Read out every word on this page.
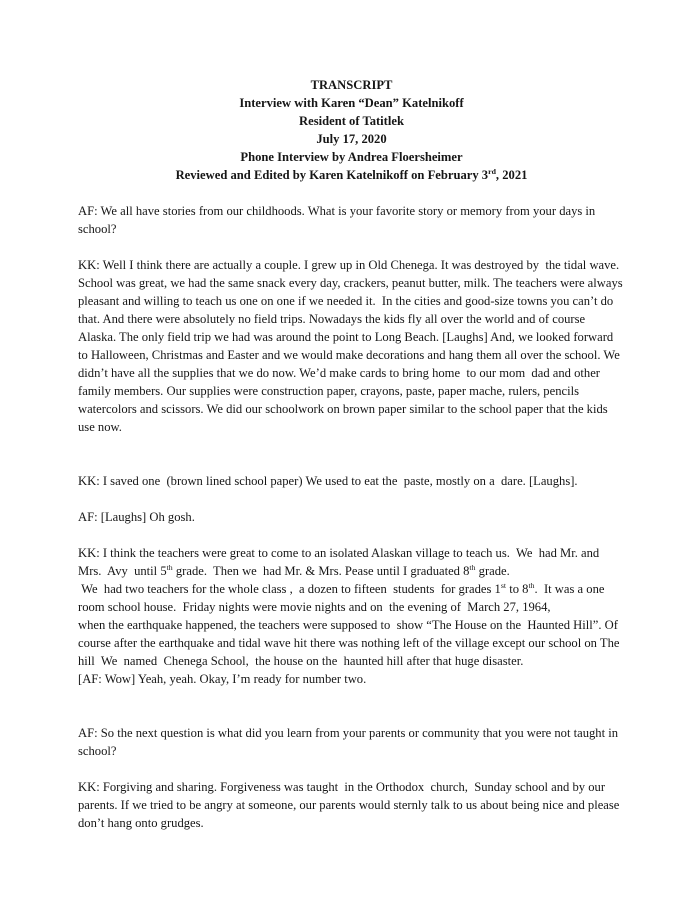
TRANSCRIPT

Interview with Karen “Dean” Katelnikoff

Resident of Tatitlek

July 17, 2020

Phone Interview by Andrea Floersheimer

Reviewed and Edited by Karen Katelnikoff on February 3rd, 2021

AF: We all have stories from our childhoods. What is your favorite story or memory from your days in school?

KK: Well I think there are actually a couple. I grew up in Old Chenega. It was destroyed by  the tidal wave.  School was great, we had the same snack every day, crackers, peanut butter, milk. The teachers were always pleasant and willing to teach us one on one if we needed it.  In the cities and good-size towns you can’t do that. And there were absolutely no field trips. Nowadays the kids fly all over the world and of course Alaska. The only field trip we had was around the point to Long Beach. [Laughs] And, we looked forward to Halloween, Christmas and Easter and we would make decorations and hang them all over the school. We didn’t have all the supplies that we do now. We’d make cards to bring home  to our mom  dad and other family members. Our supplies were construction paper, crayons, paste, paper mache, rulers, pencils watercolors and scissors. We did our schoolwork on brown paper similar to the school paper that the kids use now.

KK: I saved one  (brown lined school paper) We used to eat the  paste, mostly on a  dare. [Laughs].

AF: [Laughs] Oh gosh.

KK: I think the teachers were great to come to an isolated Alaskan village to teach us.  We  had Mr. and Mrs.  Avy  until 5th grade.  Then we  had Mr. & Mrs. Pease until I graduated 8th grade.

We  had two teachers for the whole class ,  a dozen to fifteen  students  for grades 1st to 8th.  It was a one room school house.  Friday nights were movie nights and on  the evening of  March 27, 1964,

when the earthquake happened, the teachers were supposed to  show “The House on the  Haunted Hill”. Of course after the earthquake and tidal wave hit there was nothing left of the village except our school on The hill  We  named  Chenega School,  the house on the  haunted hill after that huge disaster.

[AF: Wow] Yeah, yeah. Okay, I’m ready for number two.

AF: So the next question is what did you learn from your parents or community that you were not taught in school?

KK: Forgiving and sharing. Forgiveness was taught  in the Orthodox  church,  Sunday school and by our parents. If we tried to be angry at someone, our parents would sternly talk to us about being nice and please don’t hang onto grudges.
